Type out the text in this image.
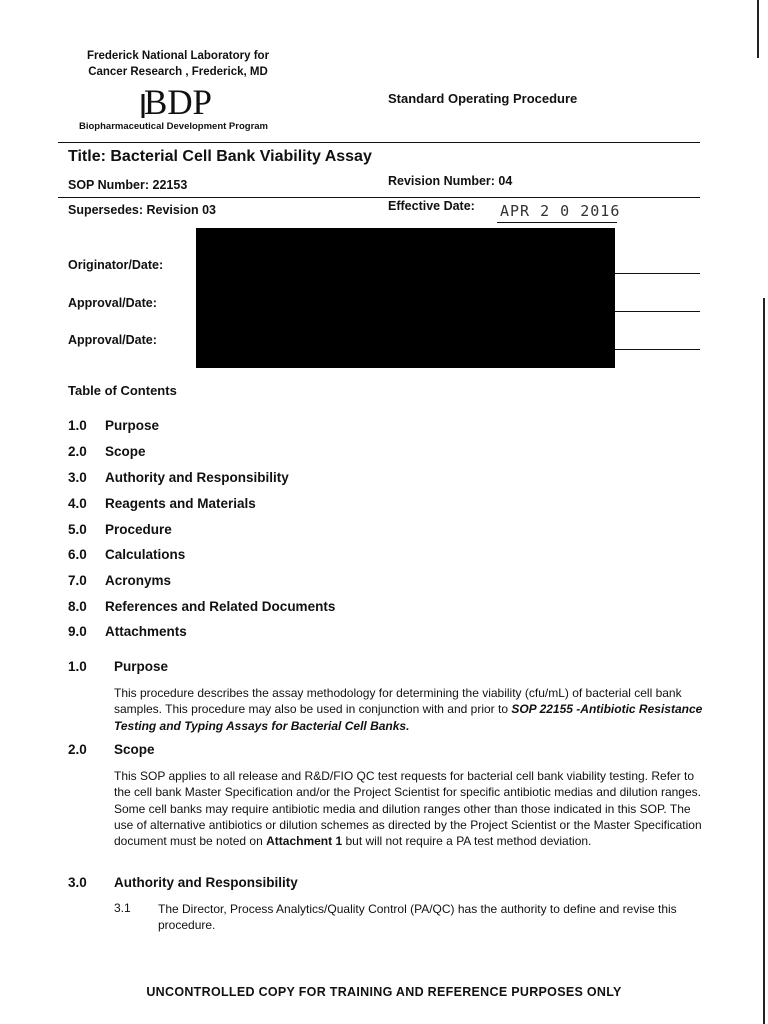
Frederick National Laboratory for
Cancer Research , Frederick, MD
BDP
Biopharmaceutical Development Program
Standard Operating Procedure
Title: Bacterial Cell Bank Viability Assay
SOP Number: 22153	Revision Number: 04
Supersedes: Revision 03	Effective Date: APR 2 0 2016
Originator/Date:
Approval/Date:
Approval/Date:
Table of Contents
1.0 Purpose
2.0 Scope
3.0 Authority and Responsibility
4.0 Reagents and Materials
5.0 Procedure
6.0 Calculations
7.0 Acronyms
8.0 References and Related Documents
9.0 Attachments
1.0 Purpose
This procedure describes the assay methodology for determining the viability (cfu/mL) of bacterial cell bank samples. This procedure may also be used in conjunction with and prior to SOP 22155 -Antibiotic Resistance Testing and Typing Assays for Bacterial Cell Banks.
2.0 Scope
This SOP applies to all release and R&D/FIO QC test requests for bacterial cell bank viability testing. Refer to the cell bank Master Specification and/or the Project Scientist for specific antibiotic medias and dilution ranges. Some cell banks may require antibiotic media and dilution ranges other than those indicated in this SOP. The use of alternative antibiotics or dilution schemes as directed by the Project Scientist or the Master Specification document must be noted on Attachment 1 but will not require a PA test method deviation.
3.0 Authority and Responsibility
3.1 The Director, Process Analytics/Quality Control (PA/QC) has the authority to define and revise this procedure.
UNCONTROLLED COPY FOR TRAINING AND REFERENCE PURPOSES ONLY
